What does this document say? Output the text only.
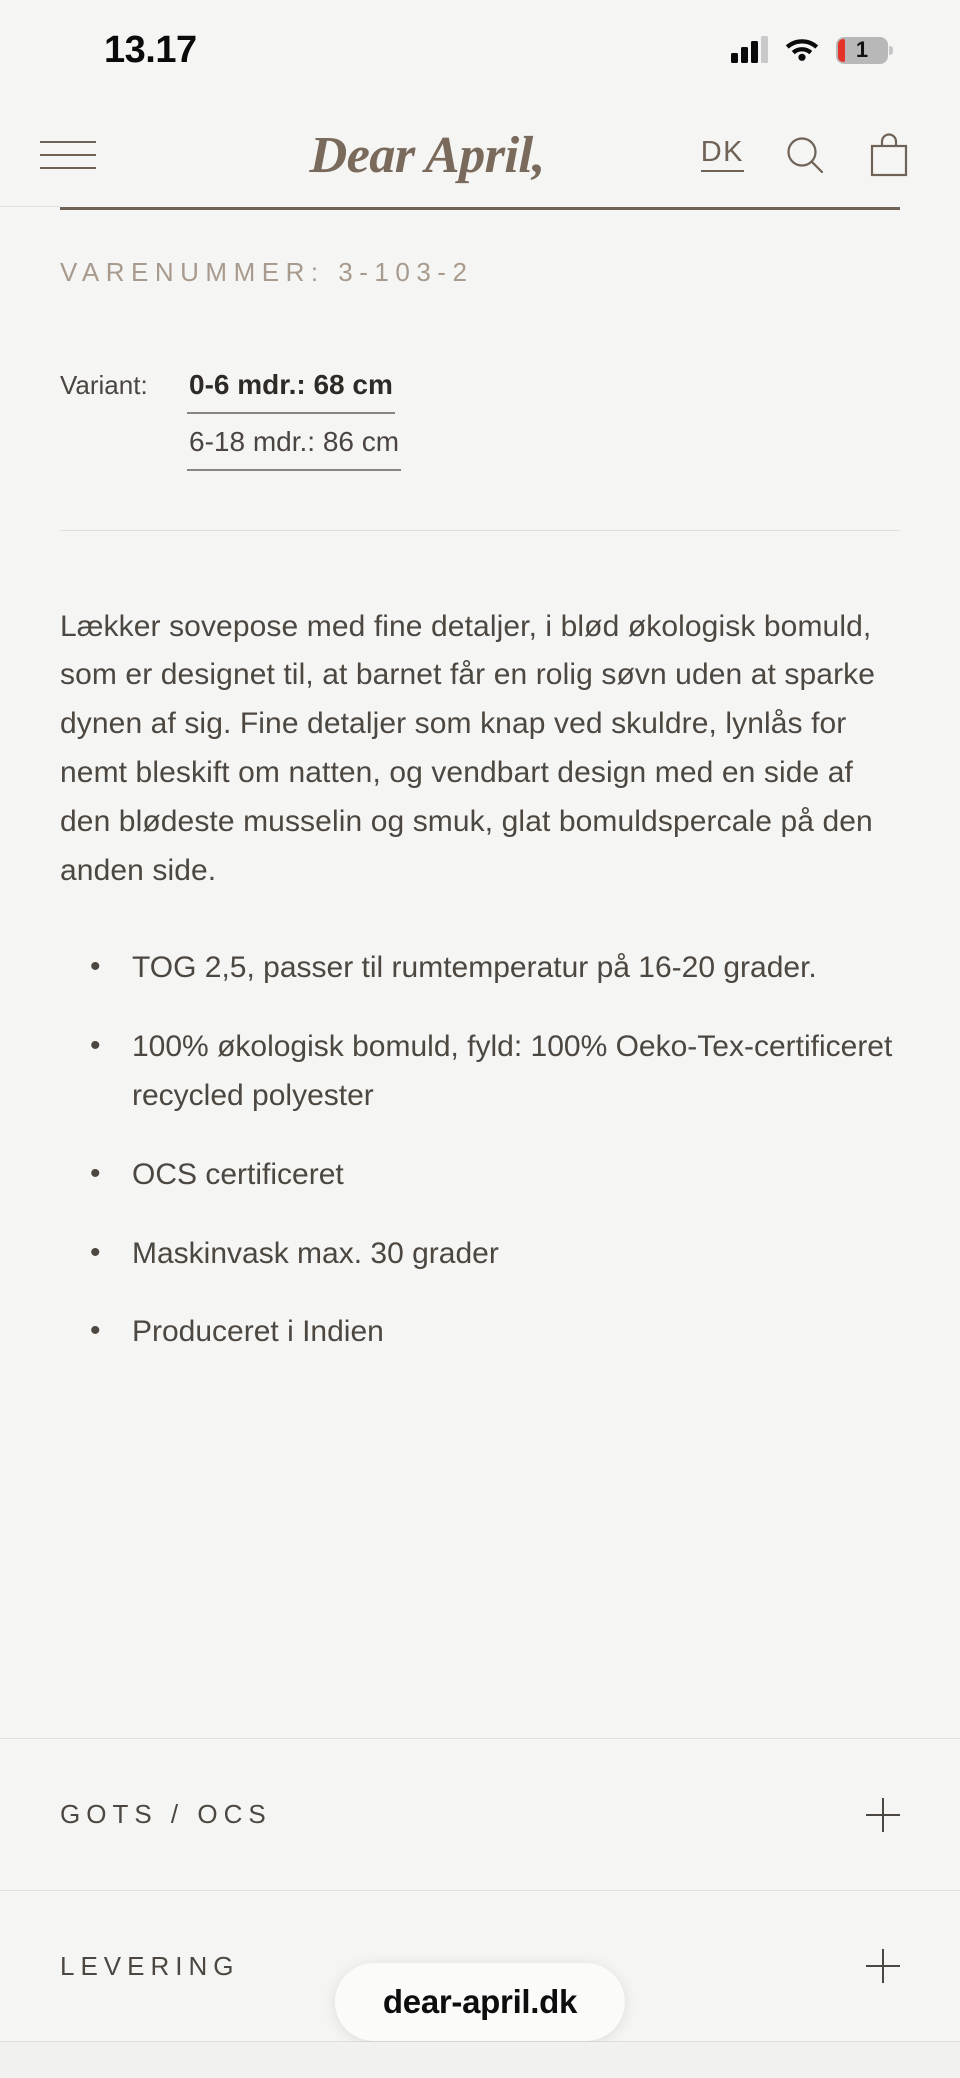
13.17	1
Dear April,	DK
VARENUMMER: 3-103-2
Variant:	0-6 mdr.: 68 cm
6-18 mdr.: 86 cm

Lækker sovepose med fine detaljer, i blød økologisk bomuld, som er designet til, at barnet får en rolig søvn uden at sparke dynen af sig. Fine detaljer som knap ved skuldre, lynlås for nemt bleskift om natten, og vendbart design med en side af den blødeste musselin og smuk, glat bomuldspercale på den anden side.

• TOG 2,5, passer til rumtemperatur på 16-20 grader.
• 100% økologisk bomuld, fyld: 100% Oeko-Tex-certificeret recycled polyester
• OCS certificeret
• Maskinvask max. 30 grader
• Produceret i Indien
GOTS / OCS
LEVERING
dear-april.dk
